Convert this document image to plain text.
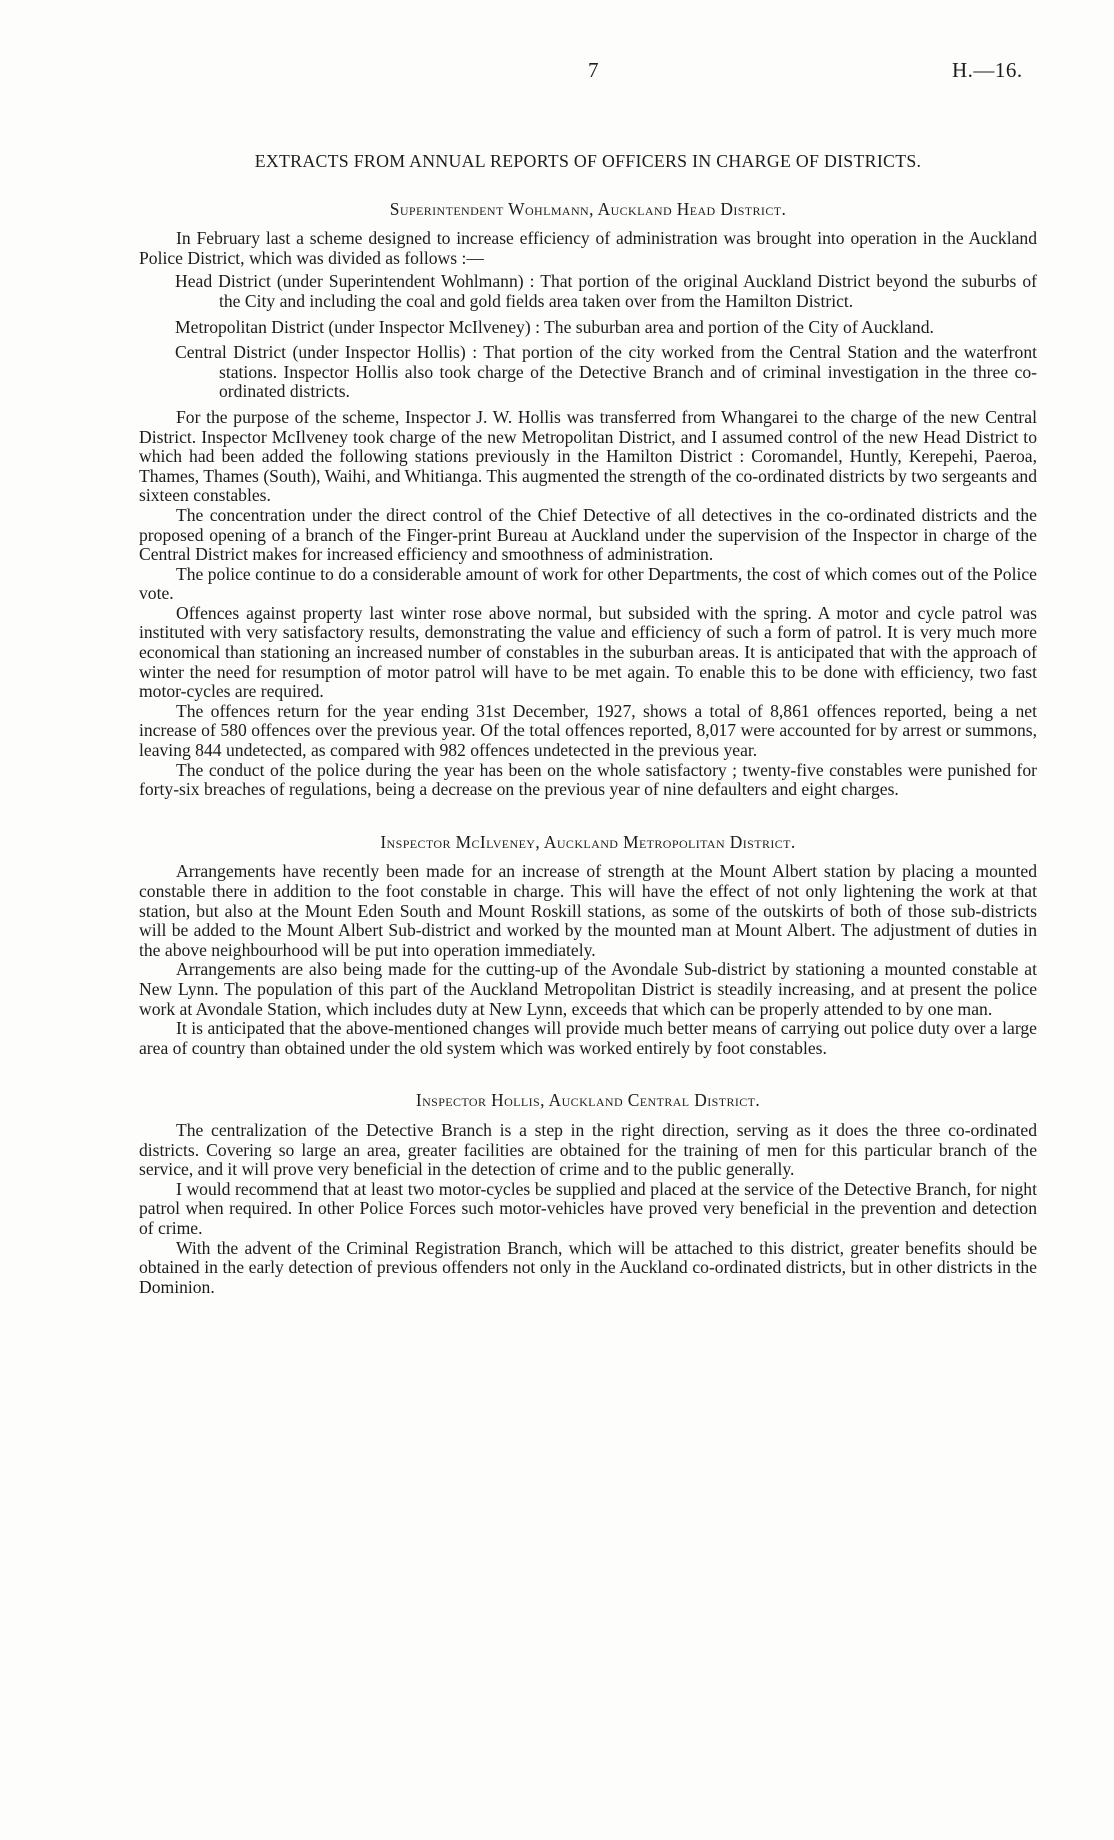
7	H.—16.
EXTRACTS FROM ANNUAL REPORTS OF OFFICERS IN CHARGE OF DISTRICTS.
Superintendent Wohlmann, Auckland Head District.

In February last a scheme designed to increase efficiency of administration was brought into operation in the Auckland Police District, which was divided as follows :—

Head District (under Superintendent Wohlmann) : That portion of the original Auckland District beyond the suburbs of the City and including the coal and gold fields area taken over from the Hamilton District.

Metropolitan District (under Inspector McIlveney) : The suburban area and portion of the City of Auckland.

Central District (under Inspector Hollis) : That portion of the city worked from the Central Station and the waterfront stations. Inspector Hollis also took charge of the Detective Branch and of criminal investigation in the three co-ordinated districts.

For the purpose of the scheme, Inspector J. W. Hollis was transferred from Whangarei to the charge of the new Central District. Inspector McIlveney took charge of the new Metropolitan District, and I assumed control of the new Head District to which had been added the following stations previously in the Hamilton District : Coromandel, Huntly, Kerepehi, Paeroa, Thames, Thames (South), Waihi, and Whitianga. This augmented the strength of the co-ordinated districts by two sergeants and sixteen constables.

The concentration under the direct control of the Chief Detective of all detectives in the co-ordinated districts and the proposed opening of a branch of the Finger-print Bureau at Auckland under the supervision of the Inspector in charge of the Central District makes for increased efficiency and smoothness of administration.

The police continue to do a considerable amount of work for other Departments, the cost of which comes out of the Police vote.

Offences against property last winter rose above normal, but subsided with the spring. A motor and cycle patrol was instituted with very satisfactory results, demonstrating the value and efficiency of such a form of patrol. It is very much more economical than stationing an increased number of constables in the suburban areas. It is anticipated that with the approach of winter the need for resumption of motor patrol will have to be met again. To enable this to be done with efficiency, two fast motor-cycles are required.

The offences return for the year ending 31st December, 1927, shows a total of 8,861 offences reported, being a net increase of 580 offences over the previous year. Of the total offences reported, 8,017 were accounted for by arrest or summons, leaving 844 undetected, as compared with 982 offences undetected in the previous year.

The conduct of the police during the year has been on the whole satisfactory ; twenty-five constables were punished for forty-six breaches of regulations, being a decrease on the previous year of nine defaulters and eight charges.

Inspector McIlveney, Auckland Metropolitan District.

Arrangements have recently been made for an increase of strength at the Mount Albert station by placing a mounted constable there in addition to the foot constable in charge. This will have the effect of not only lightening the work at that station, but also at the Mount Eden South and Mount Roskill stations, as some of the outskirts of both of those sub-districts will be added to the Mount Albert Sub-district and worked by the mounted man at Mount Albert. The adjustment of duties in the above neighbourhood will be put into operation immediately.

Arrangements are also being made for the cutting-up of the Avondale Sub-district by stationing a mounted constable at New Lynn. The population of this part of the Auckland Metropolitan District is steadily increasing, and at present the police work at Avondale Station, which includes duty at New Lynn, exceeds that which can be properly attended to by one man.

It is anticipated that the above-mentioned changes will provide much better means of carrying out police duty over a large area of country than obtained under the old system which was worked entirely by foot constables.

Inspector Hollis, Auckland Central District.

The centralization of the Detective Branch is a step in the right direction, serving as it does the three co-ordinated districts. Covering so large an area, greater facilities are obtained for the training of men for this particular branch of the service, and it will prove very beneficial in the detection of crime and to the public generally.

I would recommend that at least two motor-cycles be supplied and placed at the service of the Detective Branch, for night patrol when required. In other Police Forces such motor-vehicles have proved very beneficial in the prevention and detection of crime.

With the advent of the Criminal Registration Branch, which will be attached to this district, greater benefits should be obtained in the early detection of previous offenders not only in the Auckland co-ordinated districts, but in other districts in the Dominion.
